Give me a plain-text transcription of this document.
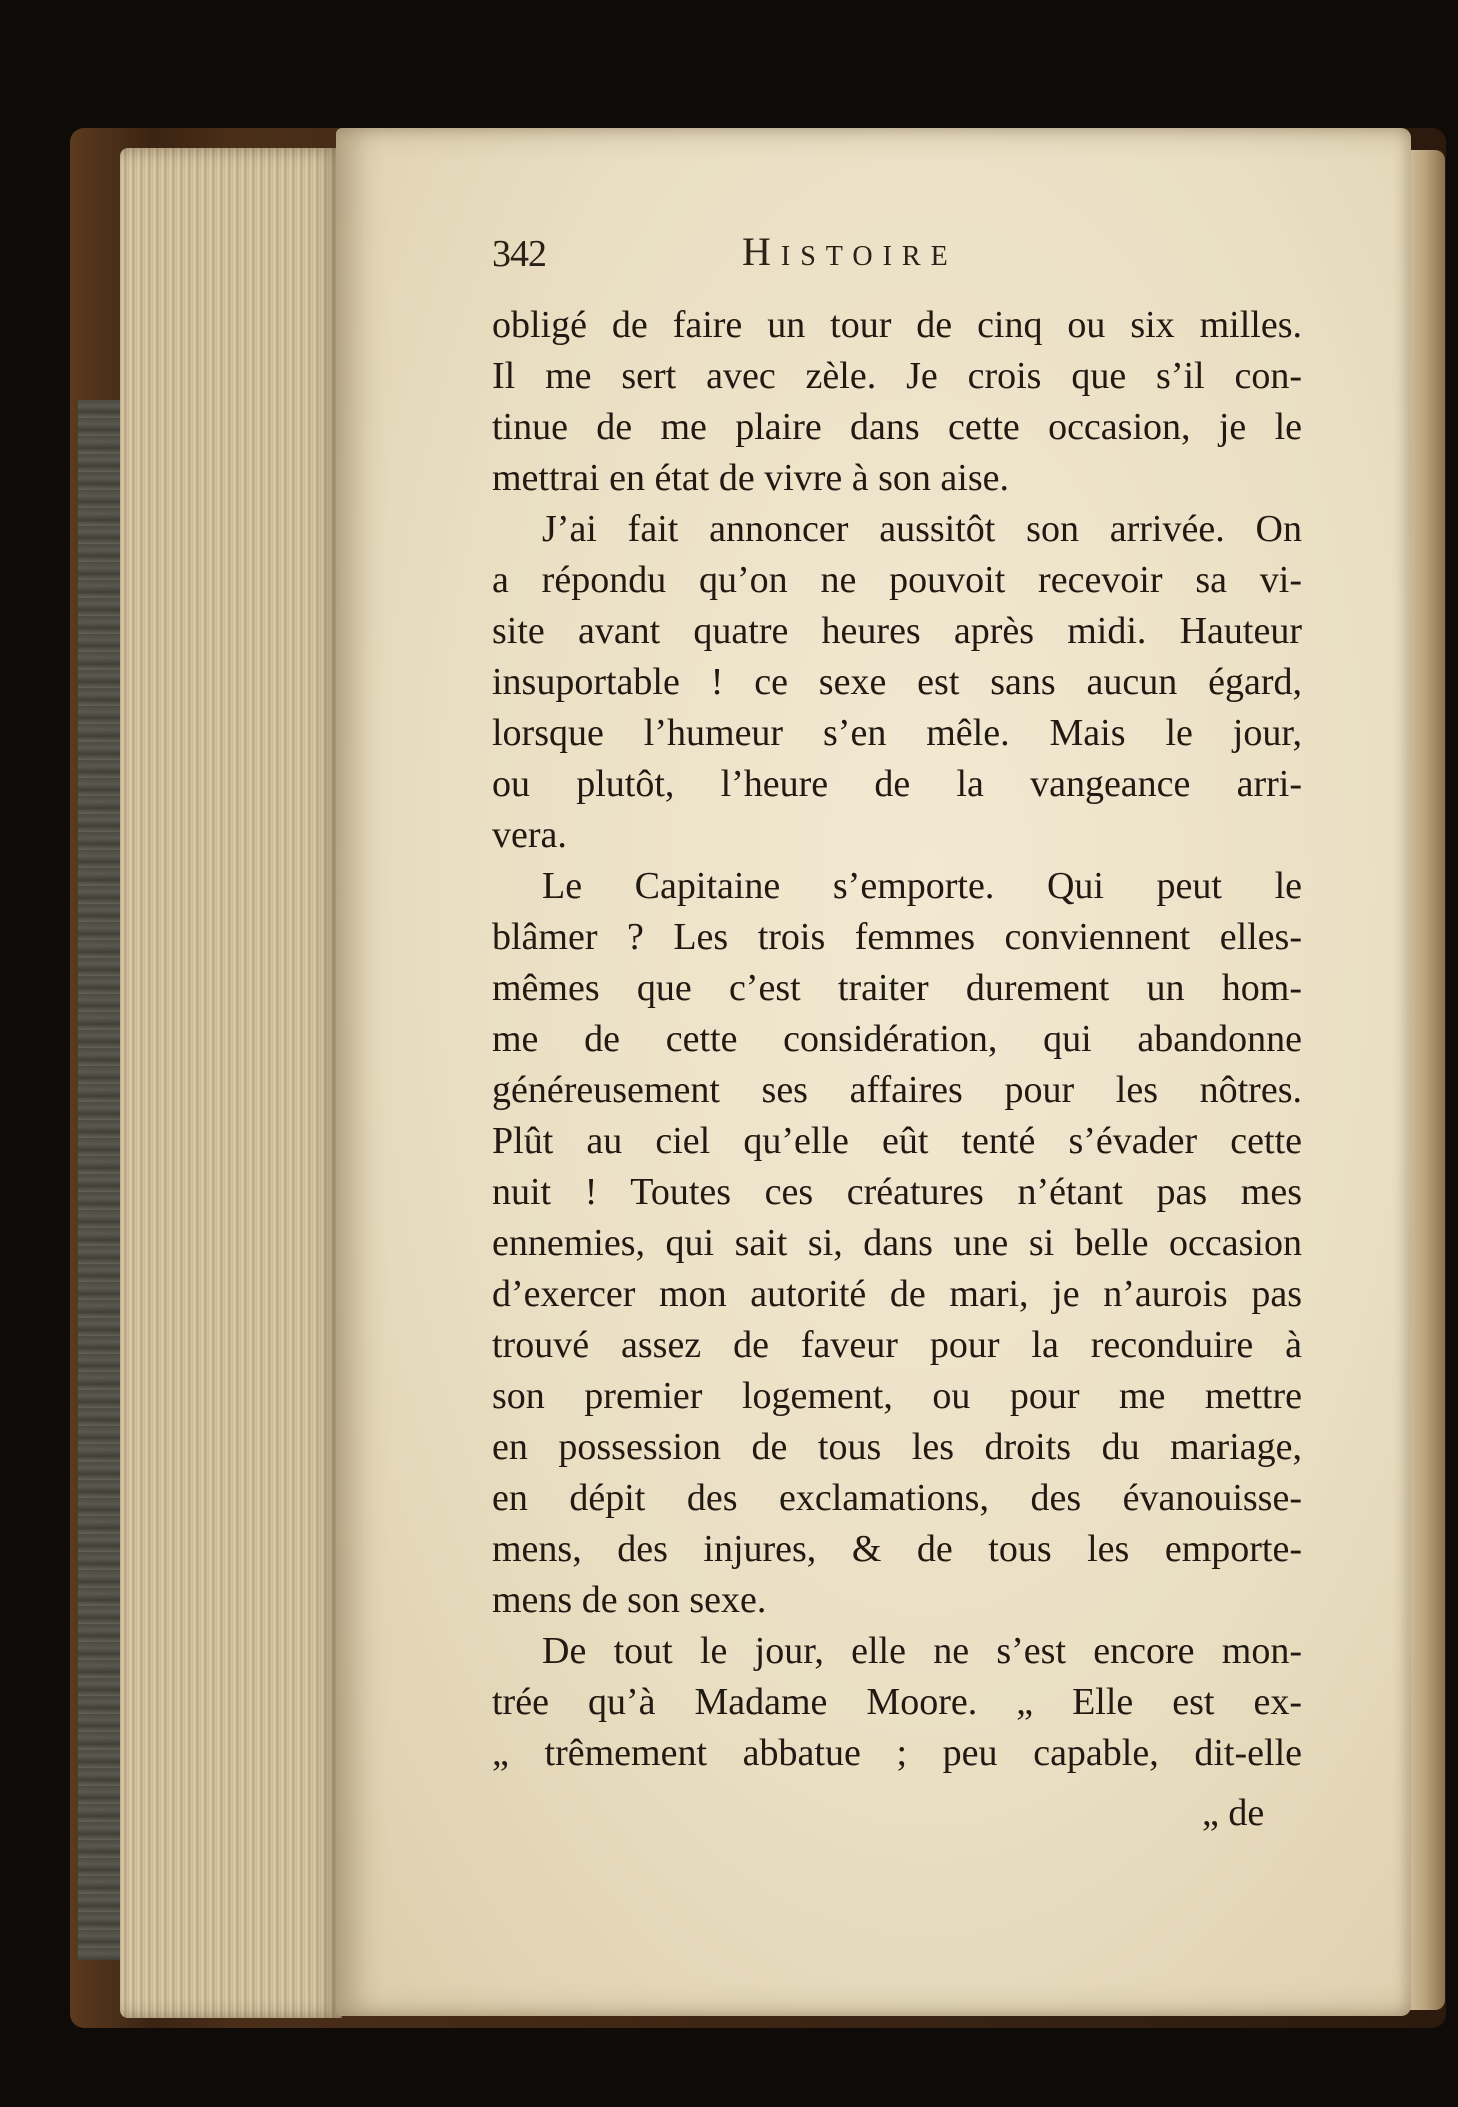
342	Histoire
obligé de faire un tour de cinq ou six milles.
Il me sert avec zèle. Je crois que s’il con-
tinue de me plaire dans cette occasion, je le
mettrai en état de vivre à son aise.
J’ai fait annoncer aussitôt son arrivée. On
a répondu qu’on ne pouvoit recevoir sa vi-
site avant quatre heures après midi. Hauteur
insuportable ! ce sexe est sans aucun égard,
lorsque l’humeur s’en mêle. Mais le jour,
ou plutôt, l’heure de la vangeance arri-
vera.
Le Capitaine s’emporte. Qui peut le
blâmer ? Les trois femmes conviennent elles-
mêmes que c’est traiter durement un hom-
me de cette considération, qui abandonne
généreusement ses affaires pour les nôtres.
Plût au ciel qu’elle eût tenté s’évader cette
nuit ! Toutes ces créatures n’étant pas mes
ennemies, qui sait si, dans une si belle occasion
d’exercer mon autorité de mari, je n’aurois pas
trouvé assez de faveur pour la reconduire à
son premier logement, ou pour me mettre
en possession de tous les droits du mariage,
en dépit des exclamations, des évanouisse-
mens, des injures, & de tous les emporte-
mens de son sexe.
De tout le jour, elle ne s’est encore mon-
trée qu’à Madame Moore. „ Elle est ex-
„ trêmement abbatue ; peu capable, dit-elle
„ de
